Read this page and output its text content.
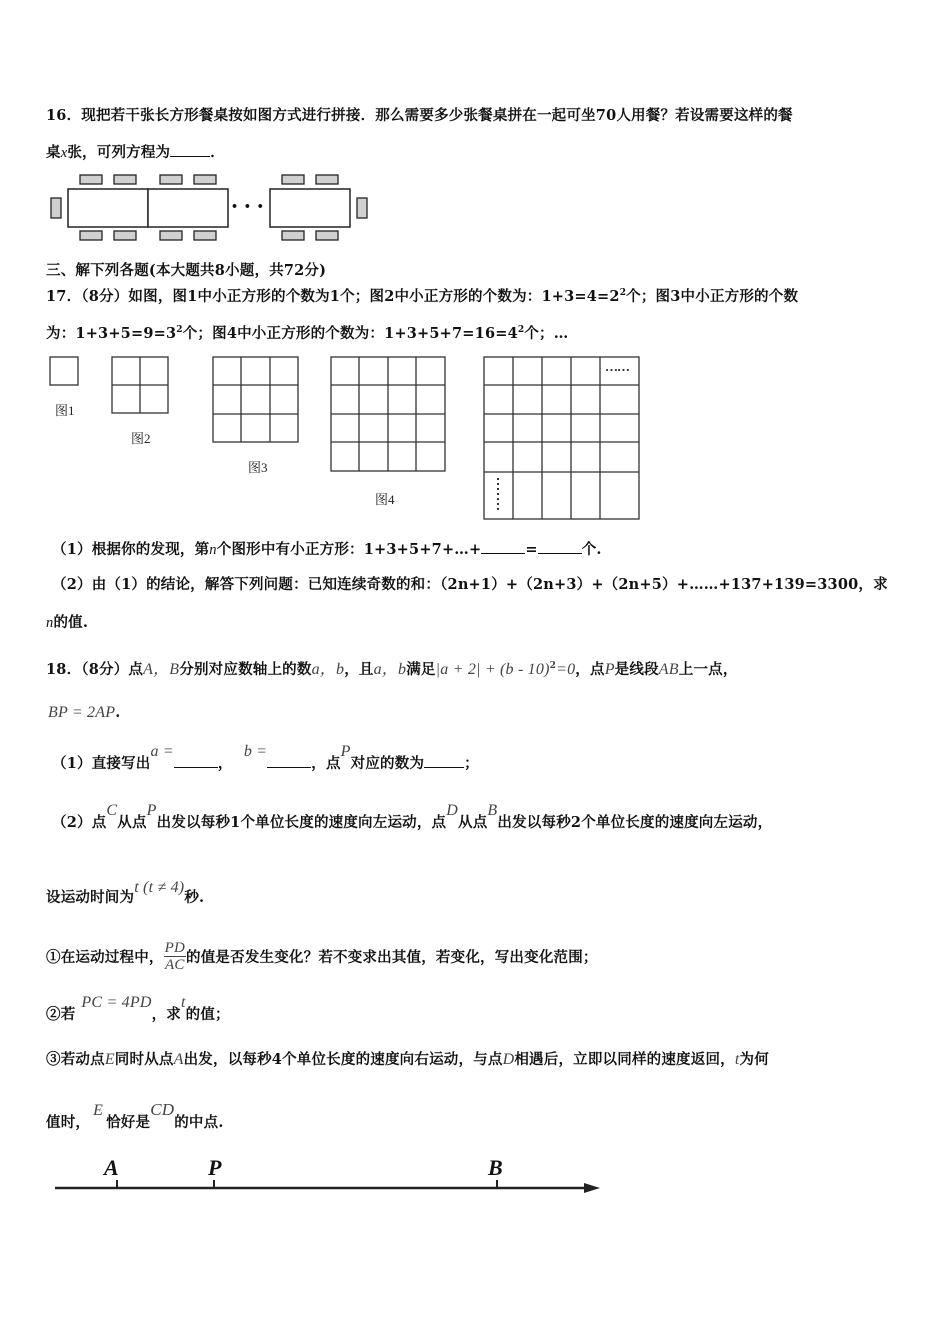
16．现把若干张长方形餐桌按如图方式进行拼接．那么需要多少张餐桌拼在一起可坐70人用餐？若设需要这样的餐
桌x张，可列方程为	．
• • •
三、解下列各题(本大题共8小题，共72分)
17．（8分）如图，图1中小正方形的个数为1个；图2中小正方形的个数为：$1+3=4=2^2$个；图3中小正方形的个数
为：$1+3+5=9=3^2$个；图4中小正方形的个数为：$1+3+5+7=16=4^2$个；…
图1
图2
图3
图4
……
（1）根据你的发现，第n个图形中有小正方形：1+3+5+7+…+	=	个.
（2）由（1）的结论，解答下列问题：已知连续奇数的和：（2n+1）+（2n+3）+（2n+5）+……+137+139=3300，求
n的值.
18．（8分）点A，B分别对应数轴上的数a，b，且a，b满足|a + 2| + (b - 10)$^2$=0，点P是线段AB上一点，
BP = 2AP.
（1）直接写出a =， b =，点P对应的数为	；
（2）点C从点P出发以每秒1个单位长度的速度向左运动，点D从点B出发以每秒2个单位长度的速度向左运动，
设运动时间为t (t ≠ 4)秒.
①在运动过程中， $\frac{PD}{AC}$ 的值是否发生变化？若不变求出其值，若变化，写出变化范围；
②若PC = 4PD，求t的值；
③若动点E同时从点A出发，以每秒4个单位长度的速度向右运动，与点D相遇后，立即以同样的速度返回，t为何
值时，E恰好是CD的中点.
A	P	B
